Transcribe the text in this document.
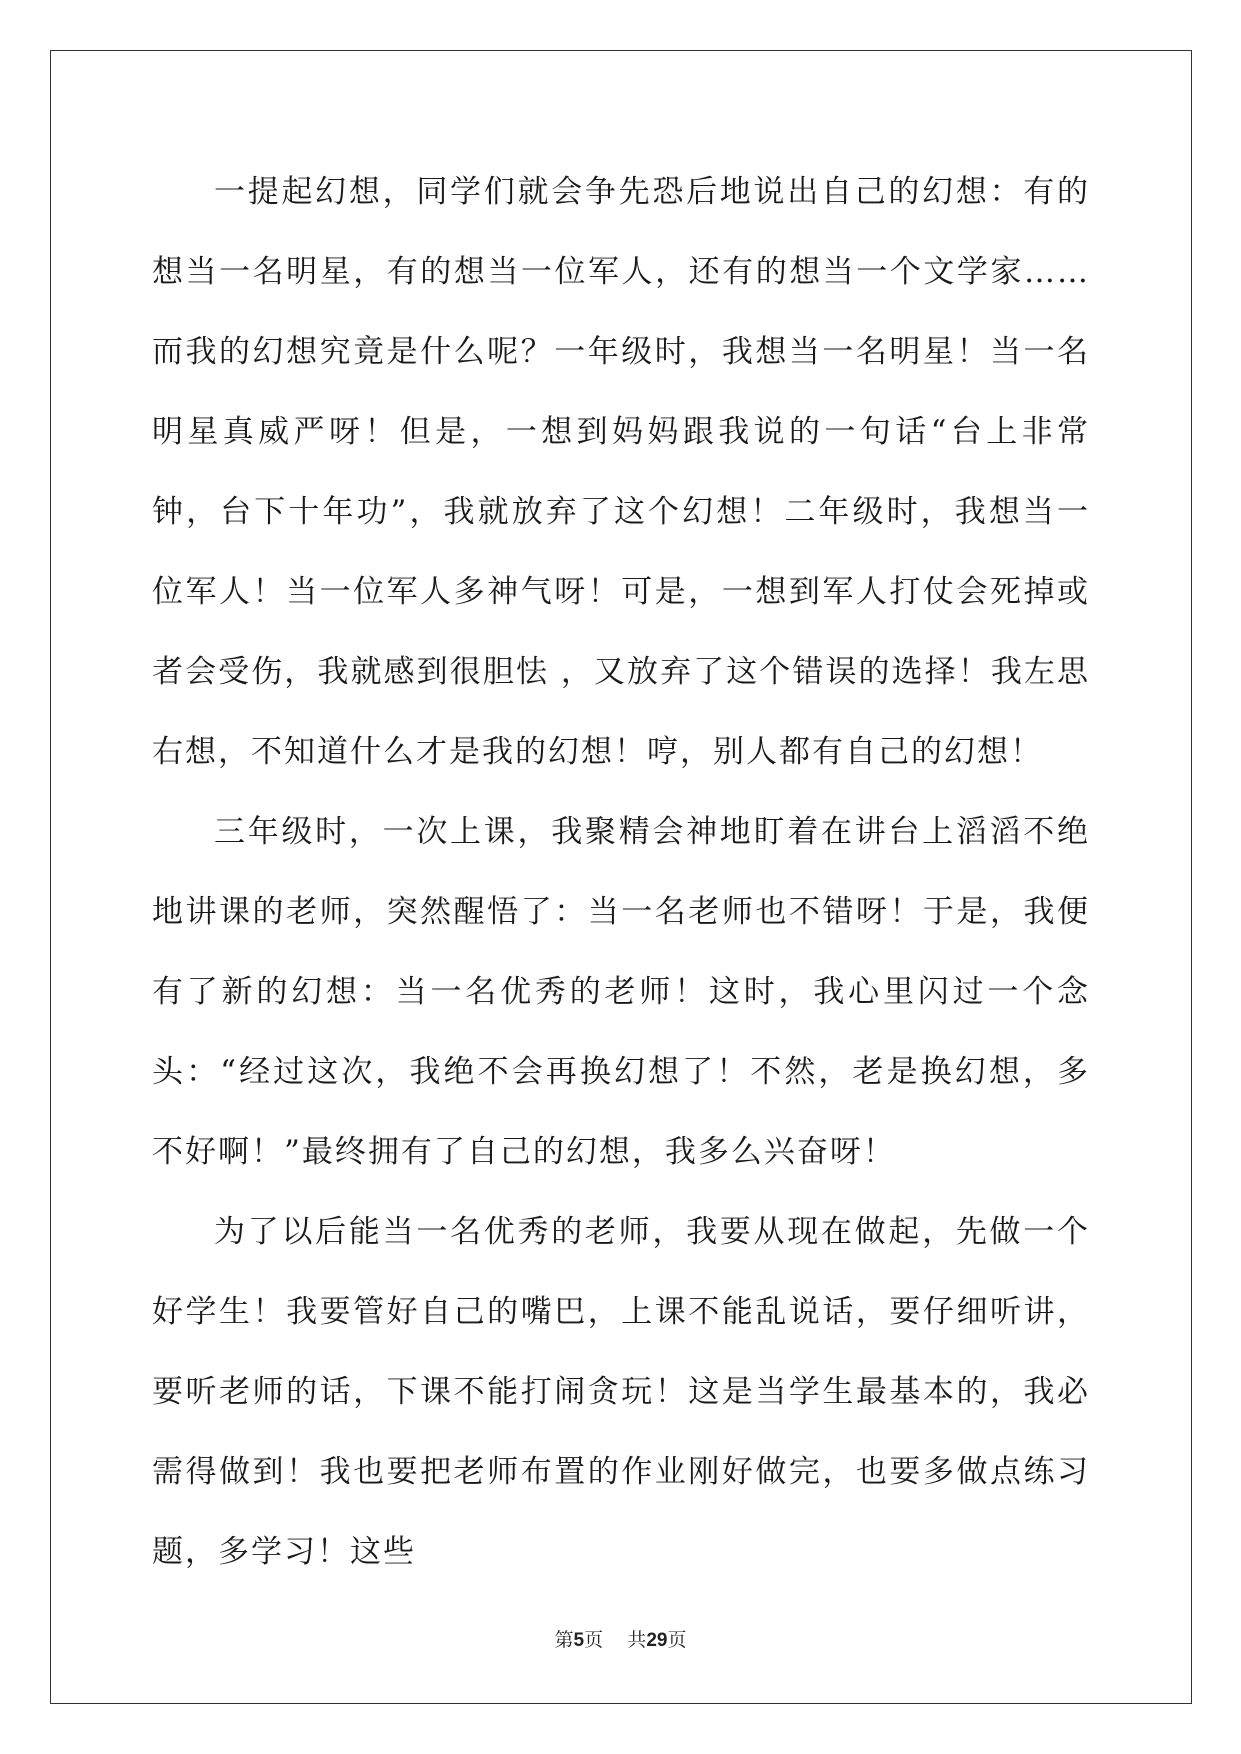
一提起幻想，同学们就会争先恐后地说出自己的幻想：有的想当一名明星，有的想当一位军人，还有的想当一个文学家……而我的幻想究竟是什么呢？一年级时，我想当一名明星！当一名明星真威严呀！但是，一想到妈妈跟我说的一句话“台上非常钟，台下十年功”，我就放弃了这个幻想！二年级时，我想当一位军人！当一位军人多神气呀！可是，一想到军人打仗会死掉或者会受伤，我就感到很胆怯 ，又放弃了这个错误的选择！我左思右想，不知道什么才是我的幻想！哼，别人都有自己的幻想！

三年级时，一次上课，我聚精会神地盯着在讲台上滔滔不绝地讲课的老师，突然醒悟了：当一名老师也不错呀！于是，我便有了新的幻想：当一名优秀的老师！这时，我心里闪过一个念头：“经过这次，我绝不会再换幻想了！不然，老是换幻想，多不好啊！”最终拥有了自己的幻想，我多么兴奋呀！

为了以后能当一名优秀的老师，我要从现在做起，先做一个好学生！我要管好自己的嘴巴，上课不能乱说话，要仔细听讲，要听老师的话，下课不能打闹贪玩！这是当学生最基本的，我必需得做到！我也要把老师布置的作业刚好做完，也要多做点练习题，多学习！这些

第5页 共29页
